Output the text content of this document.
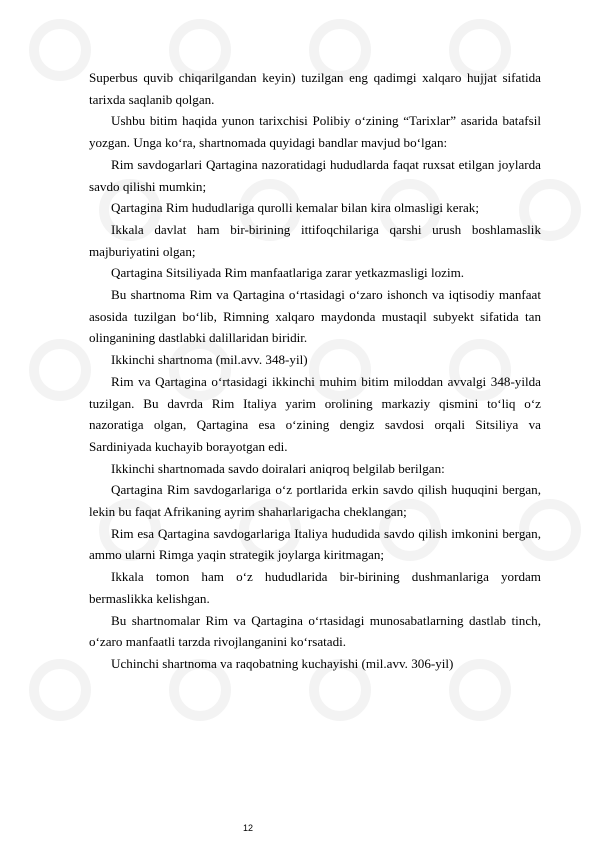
Superbus quvib chiqarilgandan keyin) tuzilgan eng qadimgi xalqaro hujjat sifatida tarixda saqlanib qolgan.

Ushbu bitim haqida yunon tarixchisi Polibiy o‘zining “Tarixlar” asarida batafsil yozgan. Unga ko‘ra, shartnomada quyidagi bandlar mavjud bo‘lgan:

Rim savdogarlari Qartagina nazoratidagi hududlarda faqat ruxsat etilgan joylarda savdo qilishi mumkin;

Qartagina Rim hududlariga qurolli kemalar bilan kira olmasligi kerak;

Ikkala davlat ham bir-birining ittifoqchilariga qarshi urush boshlamaslik majburiyatini olgan;

Qartagina Sitsiliyada Rim manfaatlariga zarar yetkazmasligi lozim.

Bu shartnoma Rim va Qartagina o‘rtasidagi o‘zaro ishonch va iqtisodiy manfaat asosida tuzilgan bo‘lib, Rimning xalqaro maydonda mustaqil subyekt sifatida tan olinganining dastlabki dalillaridan biridir.

Ikkinchi shartnoma (mil.avv. 348-yil)

Rim va Qartagina o‘rtasidagi ikkinchi muhim bitim miloddan avvalgi 348-yilda tuzilgan. Bu davrda Rim Italiya yarim orolining markaziy qismini to‘liq o‘z nazoratiga olgan, Qartagina esa o‘zining dengiz savdosi orqali Sitsiliya va Sardiniyada kuchayib borayotgan edi.

Ikkinchi shartnomada savdo doiralari aniqroq belgilab berilgan:

Qartagina Rim savdogarlariga o‘z portlarida erkin savdo qilish huquqini bergan, lekin bu faqat Afrikaning ayrim shaharlarigacha cheklangan;

Rim esa Qartagina savdogarlariga Italiya hududida savdo qilish imkonini bergan, ammo ularni Rimga yaqin strategik joylarga kiritmagan;

Ikkala tomon ham o‘z hududlarida bir-birining dushmanlariga yordam bermaslikka kelishgan.

Bu shartnomalar Rim va Qartagina o‘rtasidagi munosabatlarning dastlab tinch, o‘zaro manfaatli tarzda rivojlanganini ko‘rsatadi.

Uchinchi shartnoma va raqobatning kuchayishi (mil.avv. 306-yil)

12
